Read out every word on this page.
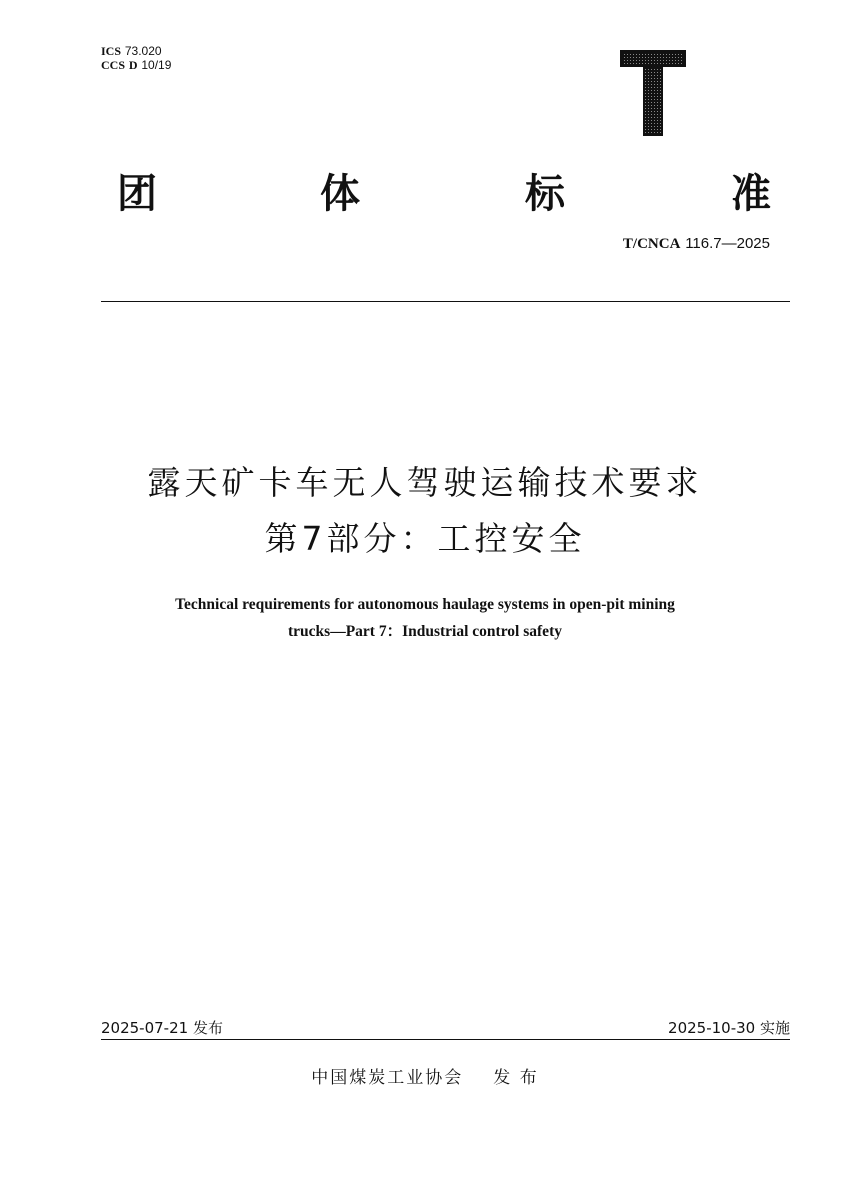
ICS 73.020
CCS D 10/19
团	体	标	准
T/CNCA 116.7—2025
露天矿卡车无人驾驶运输技术要求
第7部分：工控安全
Technical requirements for autonomous haulage systems in open-pit mining
trucks—Part 7：Industrial control safety
2025-07-21 发布	2025-10-30 实施
中国煤炭工业协会 发 布
